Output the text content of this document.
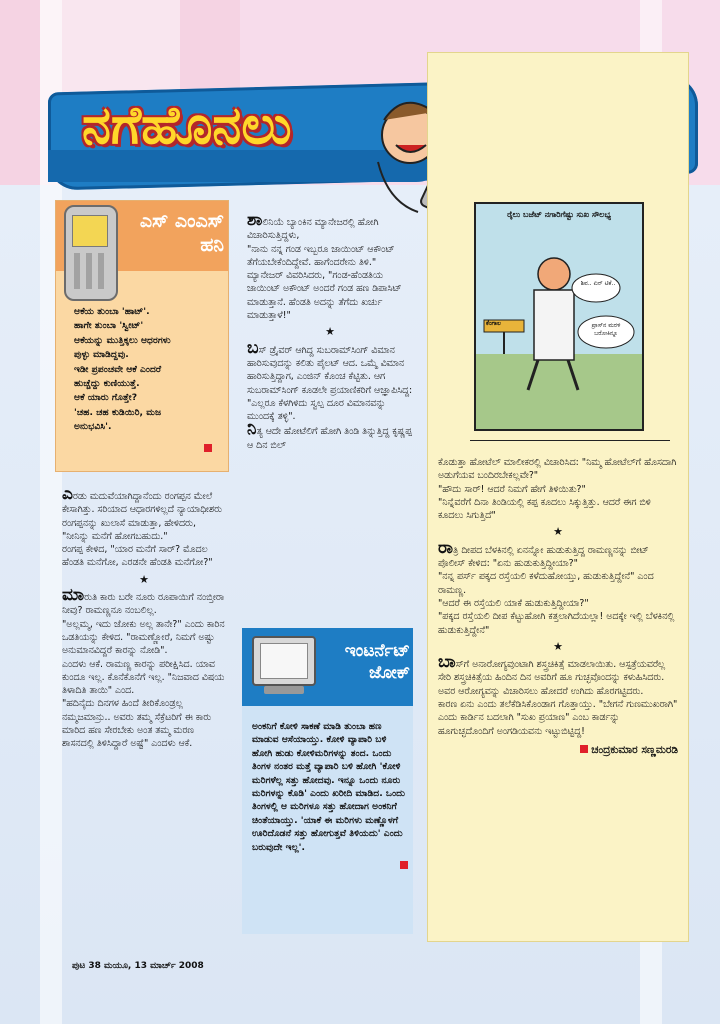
ನಗೆಹೊನಲು
ಎಸ್ ಎಂಎಸ್
ಹನಿ
ಆಕೆಯ ತುಂಬಾ 'ಹಾಟ್'.
ಹಾಗೇ ತುಂಬಾ 'ಸ್ವೀಟ್'
ಆಕೆಯನ್ನು ಮುತ್ತಿಕ್ಕಲು ಆಧರಗಳು
ಪುಳ್ಳು ಮಾಡಿದ್ದವು.
ಇಡೀ ಪ್ರಪಂಚವೇ ಆಕೆ ಎಂದರೆ
ಹುಚ್ಚೆದ್ದು ಕುಣಿಯುತ್ತೆ.
ಆಕೆ ಯಾರು ಗೊತ್ತೇ?
'ಚಹ. ಚಹ ಕುಡಿಯಿರಿ, ಮಜ
ಅನುಭವಿಸಿ'.

ಎರಡು ಮದುವೆಯಾಗಿದ್ದಾನೆಂದು ರಂಗಪ್ಪನ ಮೇಲೆ ಕೇಸಾಗಿತ್ತು. ಸರಿಯಾದ ಆಧಾರಗಳಿಲ್ಲದೆ ನ್ಯಾಯಾಧೀಶರು ರಂಗಪ್ಪನನ್ನು ಖುಲಾಸೆ ಮಾಡುತ್ತಾ, ಹೇಳಿದರು,

"ನೀನಿನ್ನು ಮನೆಗೆ ಹೋಗಬಹುದು."

ರಂಗಪ್ಪ ಕೇಳಿದ, "ಯಾರ ಮನೆಗೆ ಸಾರ್? ಮೊದಲ ಹೆಂಡತಿ ಮನೆಗೋ, ಎರಡನೇ ಹೆಂಡತಿ ಮನೆಗೋ?"

★

ಮಾರುತಿ ಕಾರು ಬರೇ ನೂರು ರೂಪಾಯಿಗೆ ನಂಬ್ತೀರಾ ನೀವು? ರಾಮಣ್ಣನೂ ನಂಬಲಿಲ್ಲ.

"ಅಲ್ಲಮ್ಮ, ಇದು ಜೋಕು ಅಲ್ಲ ತಾನೇ?" ಎಂದು ಕಾರಿನ ಒಡತಿಯನ್ನು ಕೇಳಿದ. "ರಾಮಣ್ಣೋರೆ, ನಿಮಗೆ ಅಷ್ಟು ಅನುಮಾನವಿದ್ದರೆ ಕಾರನ್ನು ನೋಡಿ".

ಎಂದಳು ಆಕೆ. ರಾಮಣ್ಣ ಕಾರನ್ನು ಪರೀಕ್ಷಿಸಿದ. ಯಾವ ಕುಂದೂ ಇಲ್ಲ. ಕೊನೆಕೊನೆಗೆ ಇಲ್ಲ. "ನಿಜವಾದ ವಿಷಯ ತಿಳಾದಿತಿ ತಾಯಿ" ಎಂದ.

"ಹದಿನೈದು ದಿನಗಳ ಹಿಂದೆ ತೀರಿಕೊಂಡ್ರಲ್ಲ ನಮ್ಮಜಮಾನ್ರು.. ಅವರು ತಮ್ಮ ಸೆಕ್ರೆಟರಿಗೆ ಈ ಕಾರು ಮಾರಿದ ಹಣ ಸೇರಬೇಕು ಅಂತ ತಮ್ಮ ಮರಣ ಶಾಸನದಲ್ಲಿ ತಿಳಿಸಿದ್ದಾರೆ ಅಷ್ಟೆ" ಎಂದಳು ಆಕೆ.

ಶಾಲಿನಿಯೆ ಬ್ಯಾಂಕಿನ ಮ್ಯಾನೇಜರಲ್ಲಿ ಹೋಗಿ ವಿಚಾರಿಸುತ್ತಿದ್ದಳು,

"ನಾನು ನನ್ನ ಗಂಡ ಇಬ್ಬರೂ ಜಾಯಿಂಟ್ ಆಕೌಂಟ್ ತೆಗೆಯಬೇಕೆಂದಿದ್ದೇವೆ. ಹಾಗೆಂದರೇನು ತಿಳಿ."

ಮ್ಯಾನೇಜರ್ ವಿವರಿಸಿದರು, "ಗಂಡ-ಹೆಂಡತಿಯ ಜಾಯಿಂಟ್ ಅಕೌಂಟ್ ಅಂದರೆ ಗಂಡ ಹಣ ಡಿಪಾಸಿಟ್ ಮಾಡುತ್ತಾನೆ. ಹೆಂಡತಿ ಅದನ್ನು ತೆಗೆದು ಖರ್ಚು ಮಾಡುತ್ತಾಳೆ!"

★

ಬಸ್ ಡ್ರೈವರ್ ಆಗಿದ್ದ ಸುಬರಾಮ್‌ಸಿಂಗ್ ವಿಮಾನ ಹಾರಿಸುವುದನ್ನು ಕಲಿತು ಪೈಲಟ್ ಆದ. ಒಮ್ಮೆ ವಿಮಾನ ಹಾರಿಸುತ್ತಿದ್ದಾಗ, ಎಂಜಿನ್ ಕೊಂಚ ಕೆಟ್ಟಿತು. ಆಗ ಸುಬರಾಮ್‌ಸಿಂಗ್ ಕೂಡಲೇ ಪ್ರಯಾಣಿಕರಿಗೆ ಆಜ್ಞಾಪಿಸಿದ್ದ: "ಎಲ್ಲರೂ ಕೆಳಗಿಳಿದು ಸ್ವಲ್ಪ ದೂರ ವಿಮಾನವನ್ನು ಮುಂದಕ್ಕೆ ತಳ್ಳಿ".

ನಿತ್ಯ ಆದೇ ಹೋಟೆಲಿಗೆ ಹೋಗಿ ತಿಂಡಿ ತಿನ್ನುತ್ತಿದ್ದ ಕೃಷ್ಣಪ್ಪ ಆ ದಿನ ಬಿಲ್

ಇಂಟರ್ನೆಟ್
ಜೋಕ್
ಅಂಕನಿಗೆ ಕೋಳಿ ಸಾಕಣೆ ಮಾಡಿ ತುಂಬಾ ಹಣ ಮಾಡುವ ಆಸೆಯಾಯ್ತು. ಕೋಳಿ ವ್ಯಾಪಾರಿ ಬಳಿ ಹೋಗಿ ಹುಡು ಕೋಳಿಮರಿಗಳನ್ನು ತಂದ. ಒಂದು ತಿಂಗಳ ನಂತರ ಮತ್ತೆ ವ್ಯಾಪಾರಿ ಬಳಿ ಹೋಗಿ 'ಕೋಳಿ ಮರಿಗಳೆಲ್ಲ ಸತ್ತು ಹೋದವು. ಇನ್ನೂ ಒಂದು ನೂರು ಮರಿಗಳನ್ನು ಕೊಡಿ' ಎಂದು ಖರೀದಿ ಮಾಡಿದ. ಒಂದು ತಿಂಗಳಲ್ಲಿ ಆ ಮರಿಗಳೂ ಸತ್ತು ಹೋದಾಗ ಅಂಕನಿಗೆ ಚಿಂತೆಯಾಯ್ತು. 'ಯಾಕೆ ಈ ಮರಿಗಳು ಮಣ್ಣೊಳಗೆ ಊರಿದೊಡನೆ ಸತ್ತು ಹೋಗುತ್ತವೆ ತಿಳಿಯದು' ಎಂದು ಬರುವುದೇ ಇಲ್ಲ'.
ರೈಲು ಬಜೆಟ್ ನಗಾರಿಗೆಷ್ಟು ಸುಖ ಸೌಲಭ್ಯ
ಕೆಂಗಾಲ
ಶಿವ.. ಏನ್ ಟಿಕೆ..
ಪ್ರಾಸ್‌ನ ಮರಳಿ ಬರೋಕಿನ್ನೂ

ಕೊಡುತ್ತಾ ಹೋಟೆಲ್ ಮಾಲೀಕರಲ್ಲಿ ವಿಚಾರಿಸಿದ: "ನಿಮ್ಮ ಹೋಟೆಲ್‌ಗೆ ಹೊಸದಾಗಿ ಅಡುಗೆಯವ ಬಂದಿರಬೇಕಲ್ಲವೇ?"

"ಹೌದು ಸಾರ್! ಆದರೆ ನಿಮಗೆ ಹೇಗೆ ತಿಳಿಯಿತು?"

"ನಿನ್ನೆವರೆಗೆ ದಿನಾ ತಿಂಡಿಯಲ್ಲಿ ಕಪ್ಪ ಕೂದಲು ಸಿಕ್ಕುತ್ತಿತ್ತು. ಆದರೆ ಈಗ ಬಿಳಿ ಕೂದಲು ಸಿಗುತ್ತಿದೆ"

★

ರಾತ್ರಿ ದೀಪದ ಬೆಳಕಿನಲ್ಲಿ ಏನನ್ನೋ ಹುಡುಕುತ್ತಿದ್ದ ರಾಮಣ್ಣನನ್ನು ಬೀಟ್ ಪೊಲೀಸ್ ಕೇಳಿದ: "ಏನು ಹುಡುಕುತ್ತಿದ್ದೀಯಾ?"

"ನನ್ನ ಪರ್ಸ್ ಪಕ್ಕದ ರಸ್ತೆಯಲಿ ಕಳೆದುಹೋಯ್ತು, ಹುಡುಕುತ್ತಿದ್ದೇನೆ" ಎಂದ ರಾಮಣ್ಣ.

"ಆದರೆ ಈ ರಸ್ತೆಯಲಿ ಯಾಕೆ ಹುಡುಕುತ್ತಿದ್ದೀಯಾ?"

"ಪಕ್ಕದ ರಸ್ತೆಯಲಿ ದೀಪ ಕೆಟ್ಟುಹೋಗಿ ಕತ್ತಲಾಗಿದೆಯಲ್ಲಾ! ಅದಕ್ಕೇ ಇಲ್ಲಿ ಬೆಳಕಿನಲ್ಲಿ ಹುಡುಕುತ್ತಿದ್ದೇನೆ"

★

ಬಾಸ್‌ಗೆ ಅನಾರೋಗ್ಯವುಂಟಾಗಿ ಶಸ್ತ್ರಚಿಕಿತ್ಸೆ ಮಾಡಲಾಯಿತು. ಆಸ್ಪತ್ರೆಯವರೆಲ್ಲ ಸೇರಿ ಶಸ್ತ್ರಚಿಕಿತ್ಸೆಯ ಹಿಂದಿನ ದಿನ ಅವರಿಗೆ ಹೂ ಗುಚ್ಛವೊಂದನ್ನು ಕಳುಹಿಸಿದರು. ಅವರ ಆರೋಗ್ಯವನ್ನು ವಿಚಾರಿಸಲು ಹೋದರೆ ಉಗಿದು ಹೊರಗಟ್ಟಿದರು.

ಕಾರಣ ಏನು ಎಂದು ತಲೆಕೆಡಿಸಿಕೊಂಡಾಗ ಗೊತ್ತಾಯ್ತು. "ಬೇಗನೆ ಗುಣಮುಖರಾಗಿ" ಎಂದು ಕಾರ್ಡಿನ ಬದಲಾಗಿ "ಸುಖ ಪ್ರಯಾಣ" ಎಂಬ ಕಾರ್ಡನ್ನು ಹೂಗುಚ್ಛದೊಂದಿಗೆ ಅಂಗಡಿಯವನು ಇಟ್ಟುಬಿಟ್ಟಿದ್ದ!

ಚಂದ್ರಕುಮಾರ ಸಣ್ಣಮರಡಿ

ಪುಟ 38 ಮಯೂ, 13 ಮಾರ್ಚ್ 2008
